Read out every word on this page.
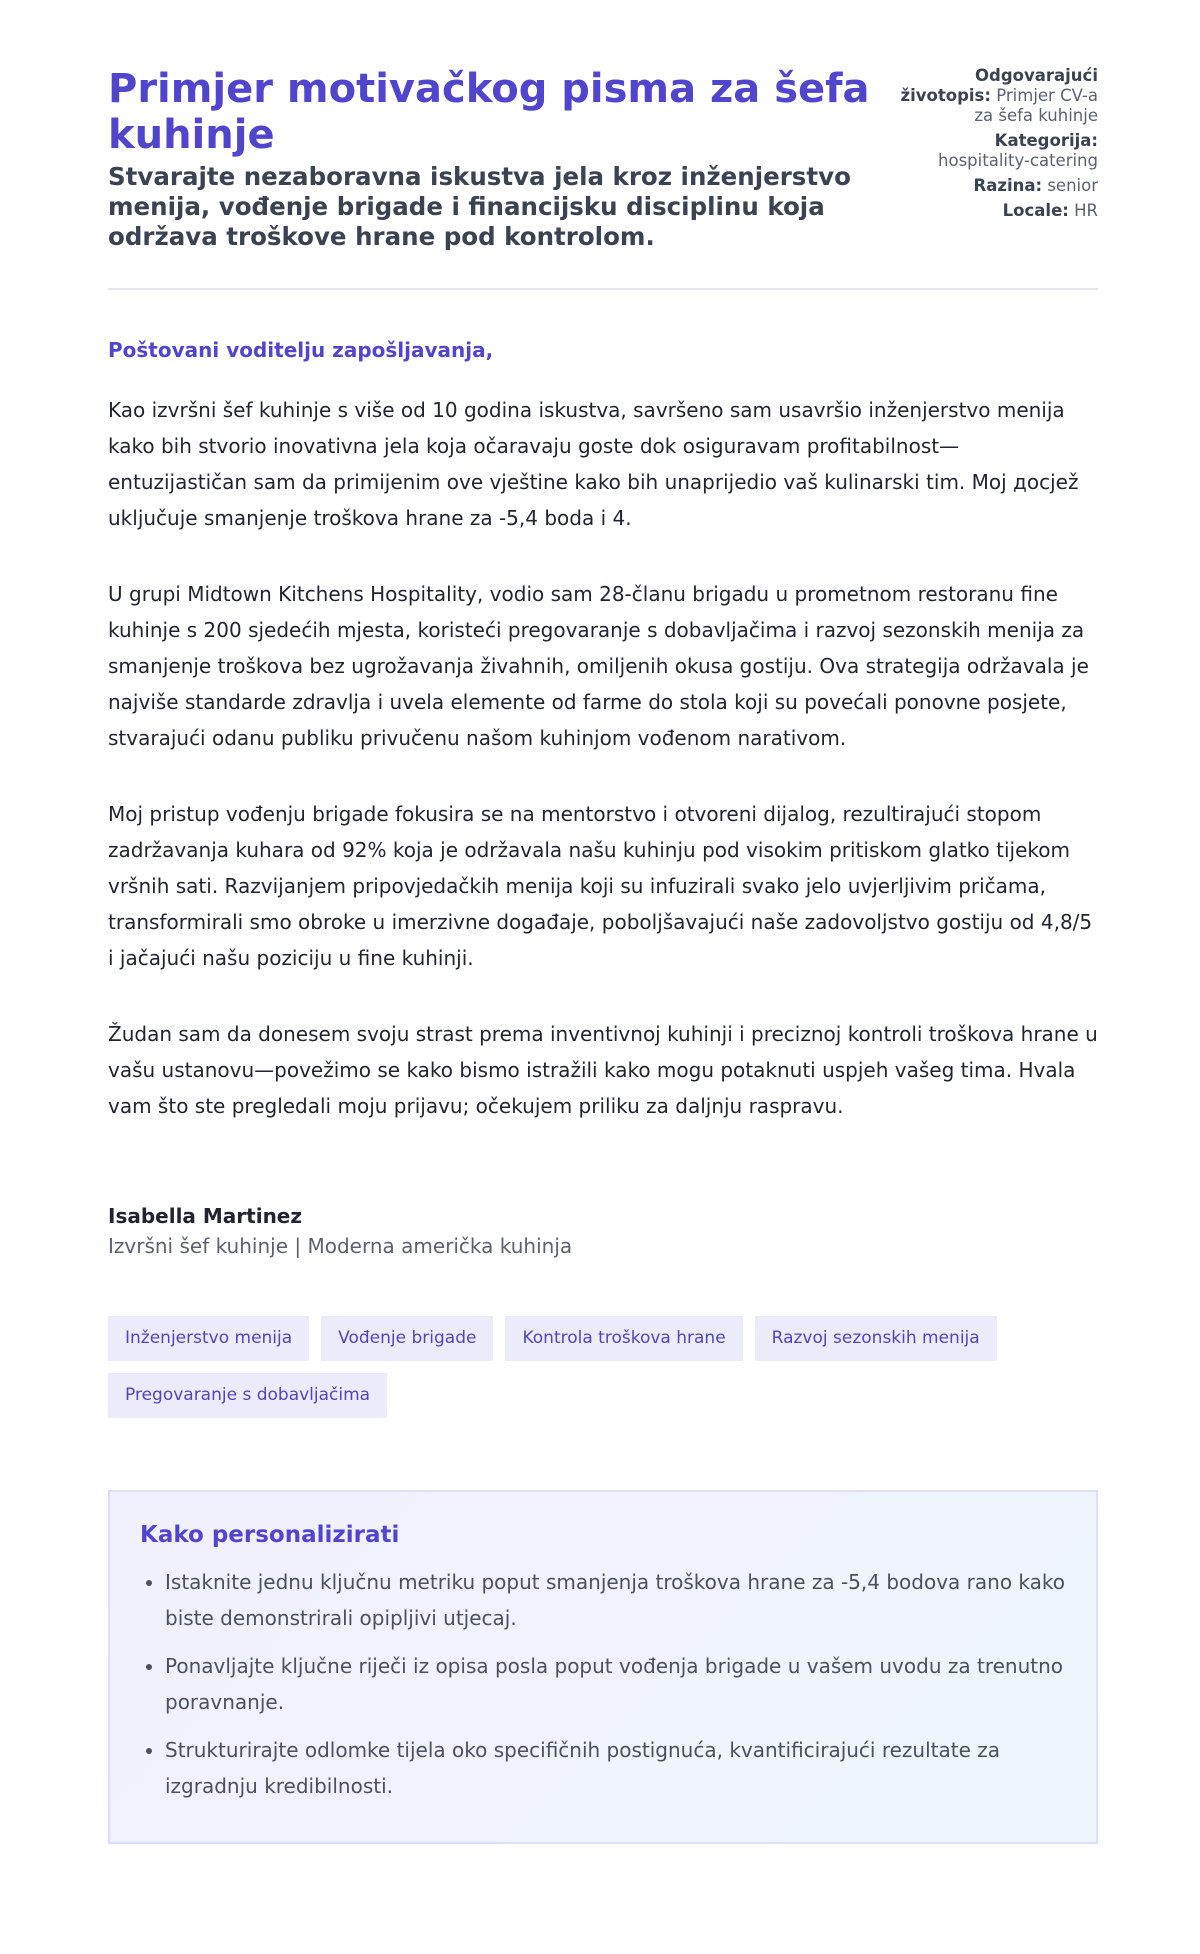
Primjer motivačkog pisma za šefa kuhinje

Stvarajte nezaboravna iskustva jela kroz inženjerstvo menija, vođenje brigade i financijsku disciplinu koja održava troškove hrane pod kontrolom.

Odgovarajući životopis: Primjer CV-a za šefa kuhinje
Kategorija: hospitality-catering
Razina: senior
Locale: HR

Poštovani voditelju zapošljavanja,

Kao izvršni šef kuhinje s više od 10 godina iskustva, savršeno sam usavršio inženjerstvo menija kako bih stvorio inovativna jela koja očaravaju goste dok osiguravam profitabilnost—entuzijastičan sam da primijenim ove vještine kako bih unaprijedio vaš kulinarski tim. Moj досјеž uključuje smanjenje troškova hrane za -5,4 boda i 4.

U grupi Midtown Kitchens Hospitality, vodio sam 28-članu brigadu u prometnom restoranu fine kuhinje s 200 sjedećih mjesta, koristeći pregovaranje s dobavljačima i razvoj sezonskih menija za smanjenje troškova bez ugrožavanja živahnih, omiljenih okusa gostiju. Ova strategija održavala je najviše standarde zdravlja i uvela elemente od farme do stola koji su povećali ponovne posjete, stvarajući odanu publiku privučenu našom kuhinjom vođenom narativom.

Moj pristup vođenju brigade fokusira se na mentorstvo i otvoreni dijalog, rezultirajući stopom zadržavanja kuhara od 92% koja je održavala našu kuhinju pod visokim pritiskom glatko tijekom vršnih sati. Razvijanjem pripovjedačkih menija koji su infuzirali svako jelo uvjerljivim pričama, transformirali smo obroke u imerzivne događaje, poboljšavajući naše zadovoljstvo gostiju od 4,8/5 i jačajući našu poziciju u fine kuhinji.

Žudan sam da donesem svoju strast prema inventivnoj kuhinji i preciznoj kontroli troškova hrane u vašu ustanovu—povežimo se kako bismo istražili kako mogu potaknuti uspjeh vašeg tima. Hvala vam što ste pregledali moju prijavu; očekujem priliku za daljnju raspravu.

Isabella Martinez
Izvršni šef kuhinje | Moderna američka kuhinja
Inženjerstvo menija	Vođenje brigade	Kontrola troškova hrane	Razvoj sezonskih menija
Pregovaranje s dobavljačima
Kako personalizirati
• Istaknite jednu ključnu metriku poput smanjenja troškova hrane za -5,4 bodova rano kako biste demonstrirali opipljivi utjecaj.
• Ponavljajte ključne riječi iz opisa posla poput vođenja brigade u vašem uvodu za trenutno poravnanje.
• Strukturirajte odlomke tijela oko specifičnih postignuća, kvantificirajući rezultate za izgradnju kredibilnosti.
